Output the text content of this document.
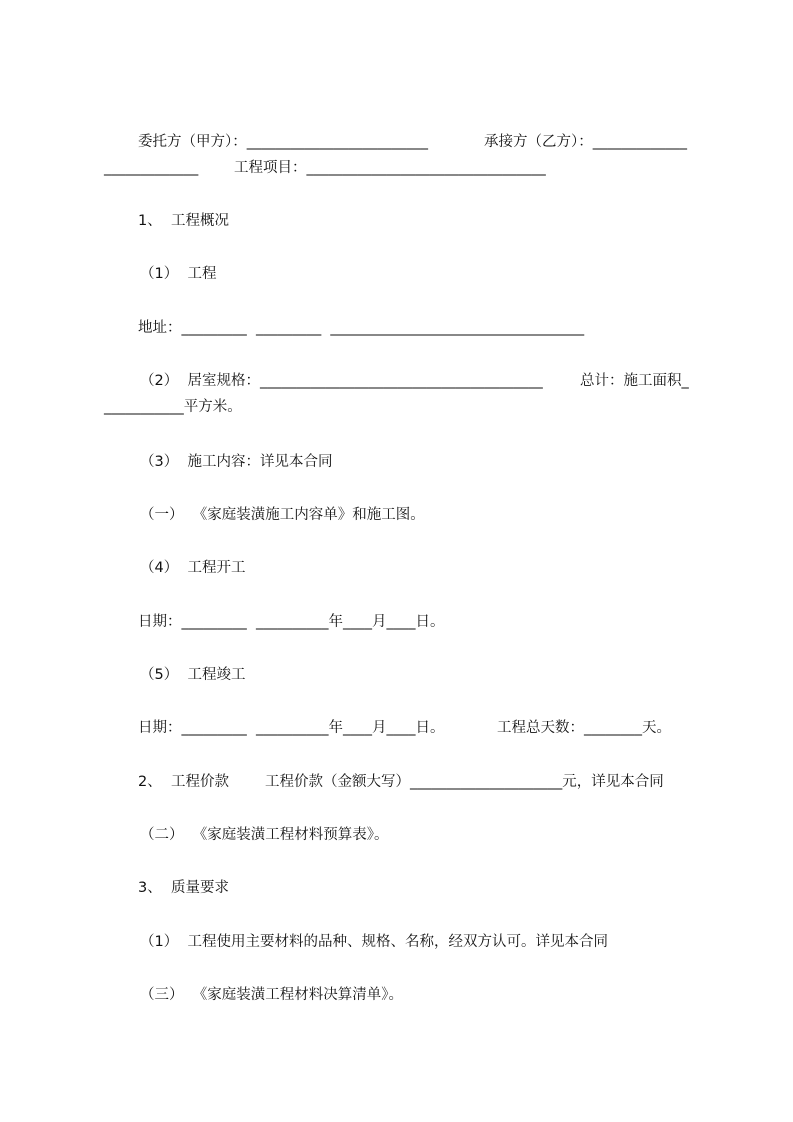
委托方（甲方）：_________________________	承接方（乙方）：_____________
_____________ 工程项目：_________________________________
1、  工程概况
（1）  工程
地址：_________  _________  ___________________________________
（2）  居室规格：_______________________________________	总计：施工面积_
___________平方米。
（3）  施工内容：详见本合同
（一）  《家庭装潢施工内容单》和施工图。
（4）  工程开工
日期：_________  __________年____月____日。
（5）  工程竣工
日期：_________  __________年____月____日。	工程总天数：________天。
2、  工程价款 工程价款（金额大写）_____________________元，详见本合同
（二）  《家庭装潢工程材料预算表》。
3、  质量要求
（1）  工程使用主要材料的品种、规格、名称，经双方认可。详见本合同
（三）  《家庭装潢工程材料决算清单》。
